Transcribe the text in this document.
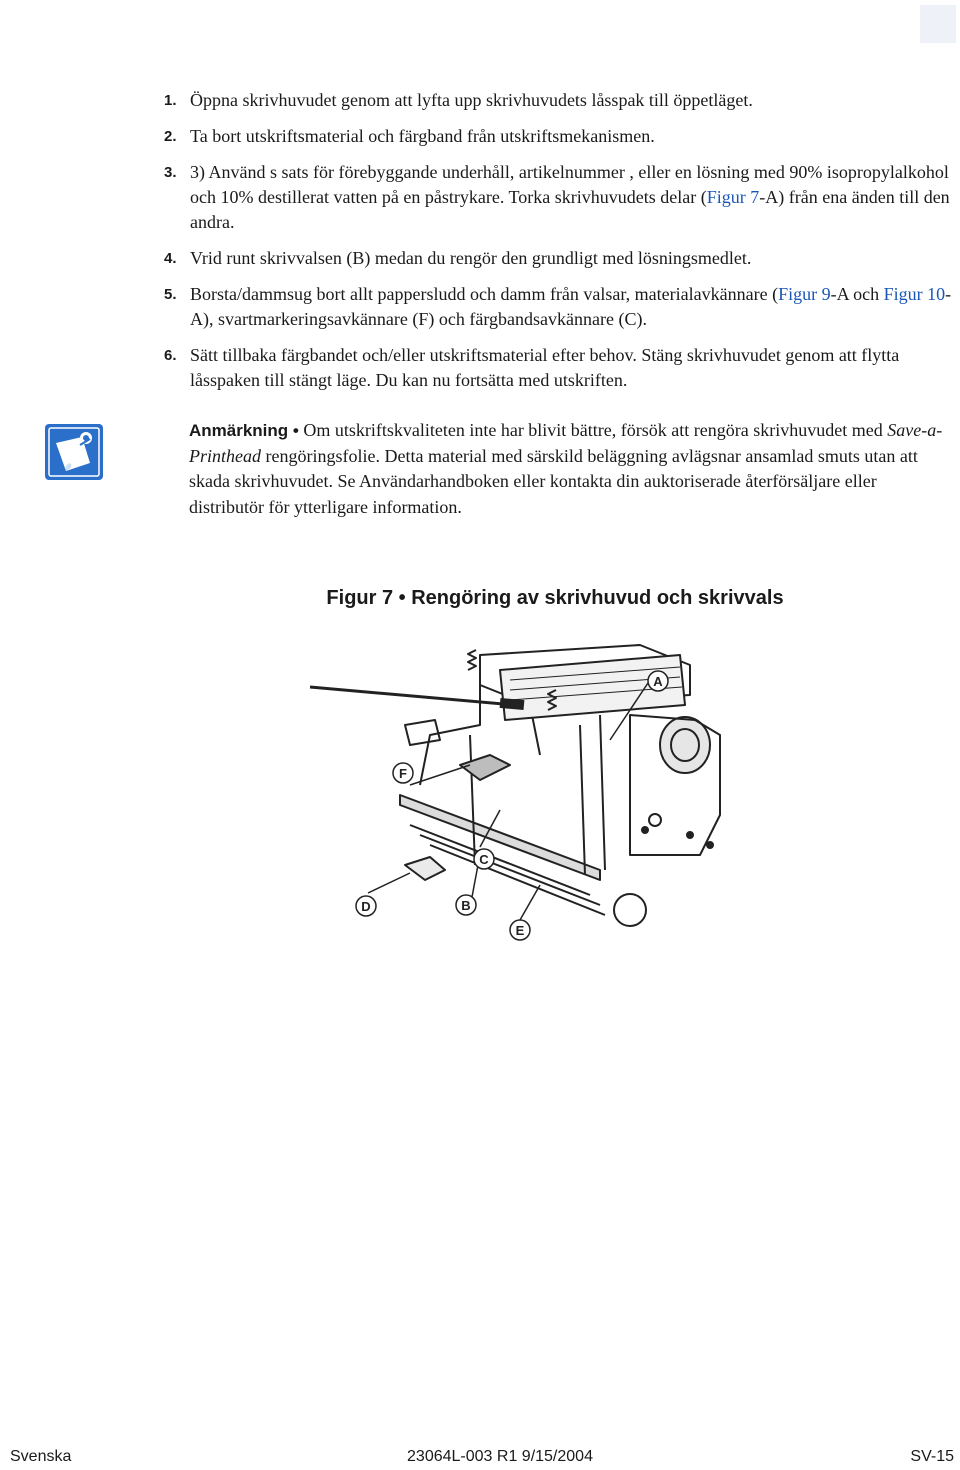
1. Öppna skrivhuvudet genom att lyfta upp skrivhuvudets låsspak till öppetläget.
2. Ta bort utskriftsmaterial och färgband från utskriftsmekanismen.
3. 3) Använd s sats för förebyggande underhåll, artikelnummer , eller en lösning med 90% isopropylalkohol och 10% destillerat vatten på en påstrykare. Torka skrivhuvudets delar (Figur 7-A) från ena änden till den andra.
4. Vrid runt skrivvalsen (B) medan du rengör den grundligt med lösningsmedlet.
5. Borsta/dammsug bort allt pappersludd och damm från valsar, materialavkännare (Figur 9-A och Figur 10-A), svartmarkeringsavkännare (F) och färgbandsavkännare (C).
6. Sätt tillbaka färgbandet och/eller utskriftsmaterial efter behov. Stäng skrivhuvudet genom att flytta låsspaken till stängt läge. Du kan nu fortsätta med utskriften.
Anmärkning • Om utskriftskvaliteten inte har blivit bättre, försök att rengöra skrivhuvudet med Save-a-Printhead rengöringsfolie. Detta material med särskild beläggning avlägsnar ansamlad smuts utan att skada skrivhuvudet. Se Användarhandboken eller kontakta din auktoriserade återförsäljare eller distributör för ytterligare information.
Figur 7 • Rengöring av skrivhuvud och skrivvals
A
F
C
D	B
E
Svenska	23064L-003 R1 9/15/2004	SV-15
